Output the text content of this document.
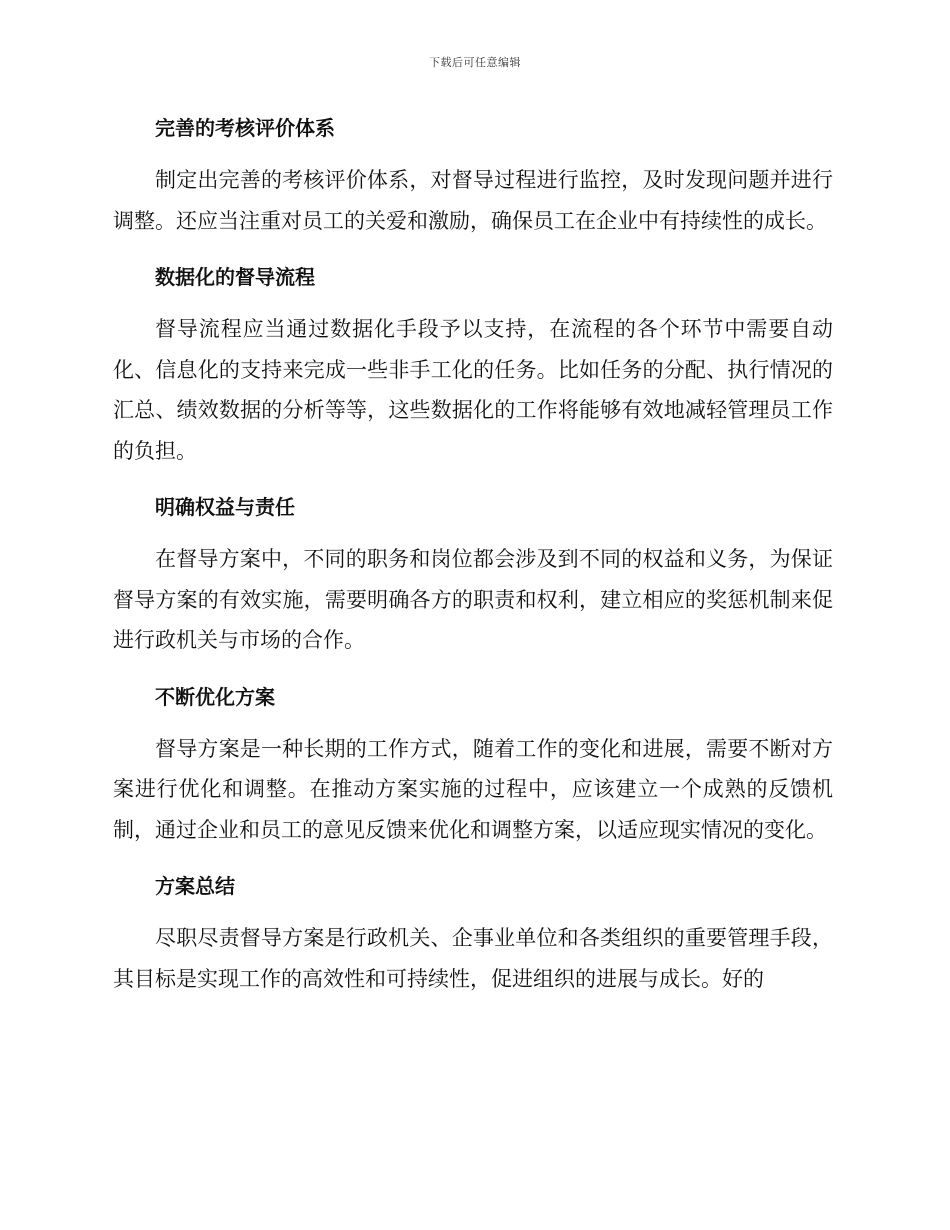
下载后可任意编辑
完善的考核评价体系

制定出完善的考核评价体系，对督导过程进行监控，及时发现问题并进行调整。还应当注重对员工的关爱和激励，确保员工在企业中有持续性的成长。

数据化的督导流程

督导流程应当通过数据化手段予以支持，在流程的各个环节中需要自动化、信息化的支持来完成一些非手工化的任务。比如任务的分配、执行情况的汇总、绩效数据的分析等等，这些数据化的工作将能够有效地减轻管理员工作的负担。

明确权益与责任

在督导方案中，不同的职务和岗位都会涉及到不同的权益和义务，为保证督导方案的有效实施，需要明确各方的职责和权利，建立相应的奖惩机制来促进行政机关与市场的合作。

不断优化方案

督导方案是一种长期的工作方式，随着工作的变化和进展，需要不断对方案进行优化和调整。在推动方案实施的过程中，应该建立一个成熟的反馈机制，通过企业和员工的意见反馈来优化和调整方案，以适应现实情况的变化。

方案总结

尽职尽责督导方案是行政机关、企事业单位和各类组织的重要管理手段，其目标是实现工作的高效性和可持续性，促进组织的进展与成长。好的
